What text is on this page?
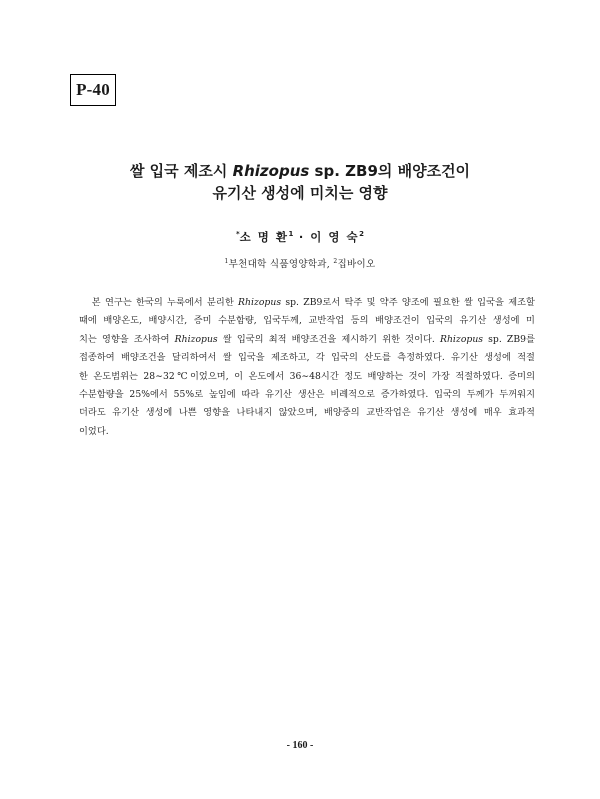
P-40
쌀 입국 제조시 Rhizopus sp. ZB9의 배양조건이
유기산 생성에 미치는 영향
*소 명 환$^1$ · 이 영 숙$^2$
$^1$부천대학 식품영양학과, $^2$집바이오
본 연구는 한국의 누룩에서 분리한 Rhizopus sp. ZB9로서 탁주 및 약주 양조에 필요한 쌀 입국을 제조할
때에 배양온도, 배양시간, 증미 수분함량, 입국두께, 교반작업 등의 배양조건이 입국의 유기산 생성에 미
치는 영향을 조사하여 Rhizopus 쌀 입국의 최적 배양조건을 제시하기 위한 것이다. Rhizopus sp. ZB9를
접종하여 배양조건을 달리하여서 쌀 입국을 제조하고, 각 입국의 산도를 측정하였다. 유기산 생성에 적절
한 온도범위는 28∼32℃이었으며, 이 온도에서 36∼48시간 정도 배양하는 것이 가장 적절하였다. 증미의
수분함량을 25%에서 55%로 높임에 따라 유기산 생산은 비례적으로 증가하였다. 입국의 두께가 두꺼워지
더라도 유기산 생성에 나쁜 영향을 나타내지 않았으며, 배양중의 교반작업은 유기산 생성에 매우 효과적
이었다.
- 160 -
